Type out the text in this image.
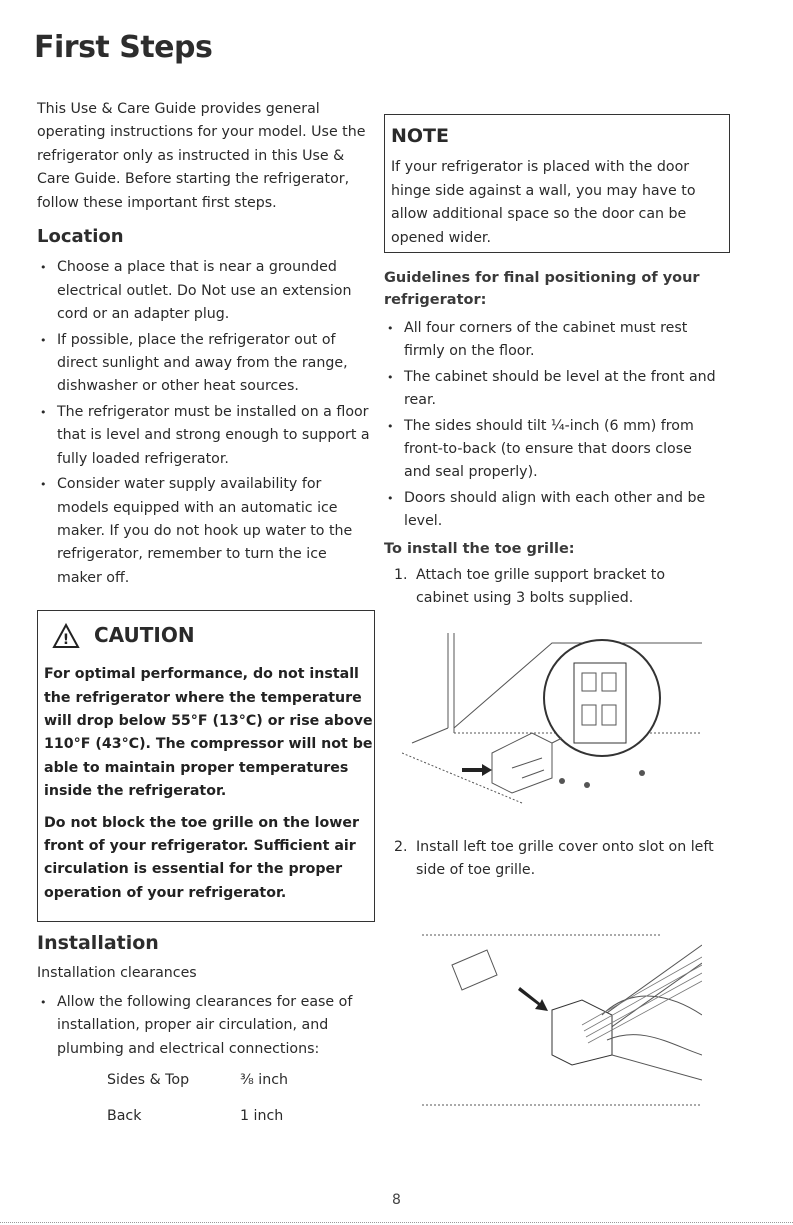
First Steps

This Use & Care Guide provides general operating instructions for your model. Use the refrigerator only as instructed in this Use & Care Guide. Before starting the refrigerator, follow these important first steps.

Location
• Choose a place that is near a grounded electrical outlet. Do Not use an extension cord or an adapter plug.
• If possible, place the refrigerator out of direct sunlight and away from the range, dishwasher or other heat sources.
• The refrigerator must be installed on a floor that is level and strong enough to support a fully loaded refrigerator.
• Consider water supply availability for models equipped with an automatic ice maker. If you do not hook up water to the refrigerator, remember to turn the ice maker off.
! CAUTION

For optimal performance, do not install the refrigerator where the temperature will drop below 55°F (13°C) or rise above 110°F (43°C). The compressor will not be able to maintain proper temperatures inside the refrigerator.

Do not block the toe grille on the lower front of your refrigerator. Sufficient air circulation is essential for the proper operation of your refrigerator.

Installation
Installation clearances
• Allow the following clearances for ease of installation, proper air circulation, and plumbing and electrical connections:
Sides & Top	⅜ inch
Back	1 inch
NOTE

If your refrigerator is placed with the door hinge side against a wall, you may have to allow additional space so the door can be opened wider.

Guidelines for final positioning of your refrigerator:
• All four corners of the cabinet must rest firmly on the floor.
• The cabinet should be level at the front and rear.
• The sides should tilt ¼-inch (6 mm) from front-to-back (to ensure that doors close and seal properly).
• Doors should align with each other and be level.
To install the toe grille:
1. Attach toe grille support bracket to cabinet using 3 bolts supplied.
2. Install left toe grille cover onto slot on left side of toe grille.
8
